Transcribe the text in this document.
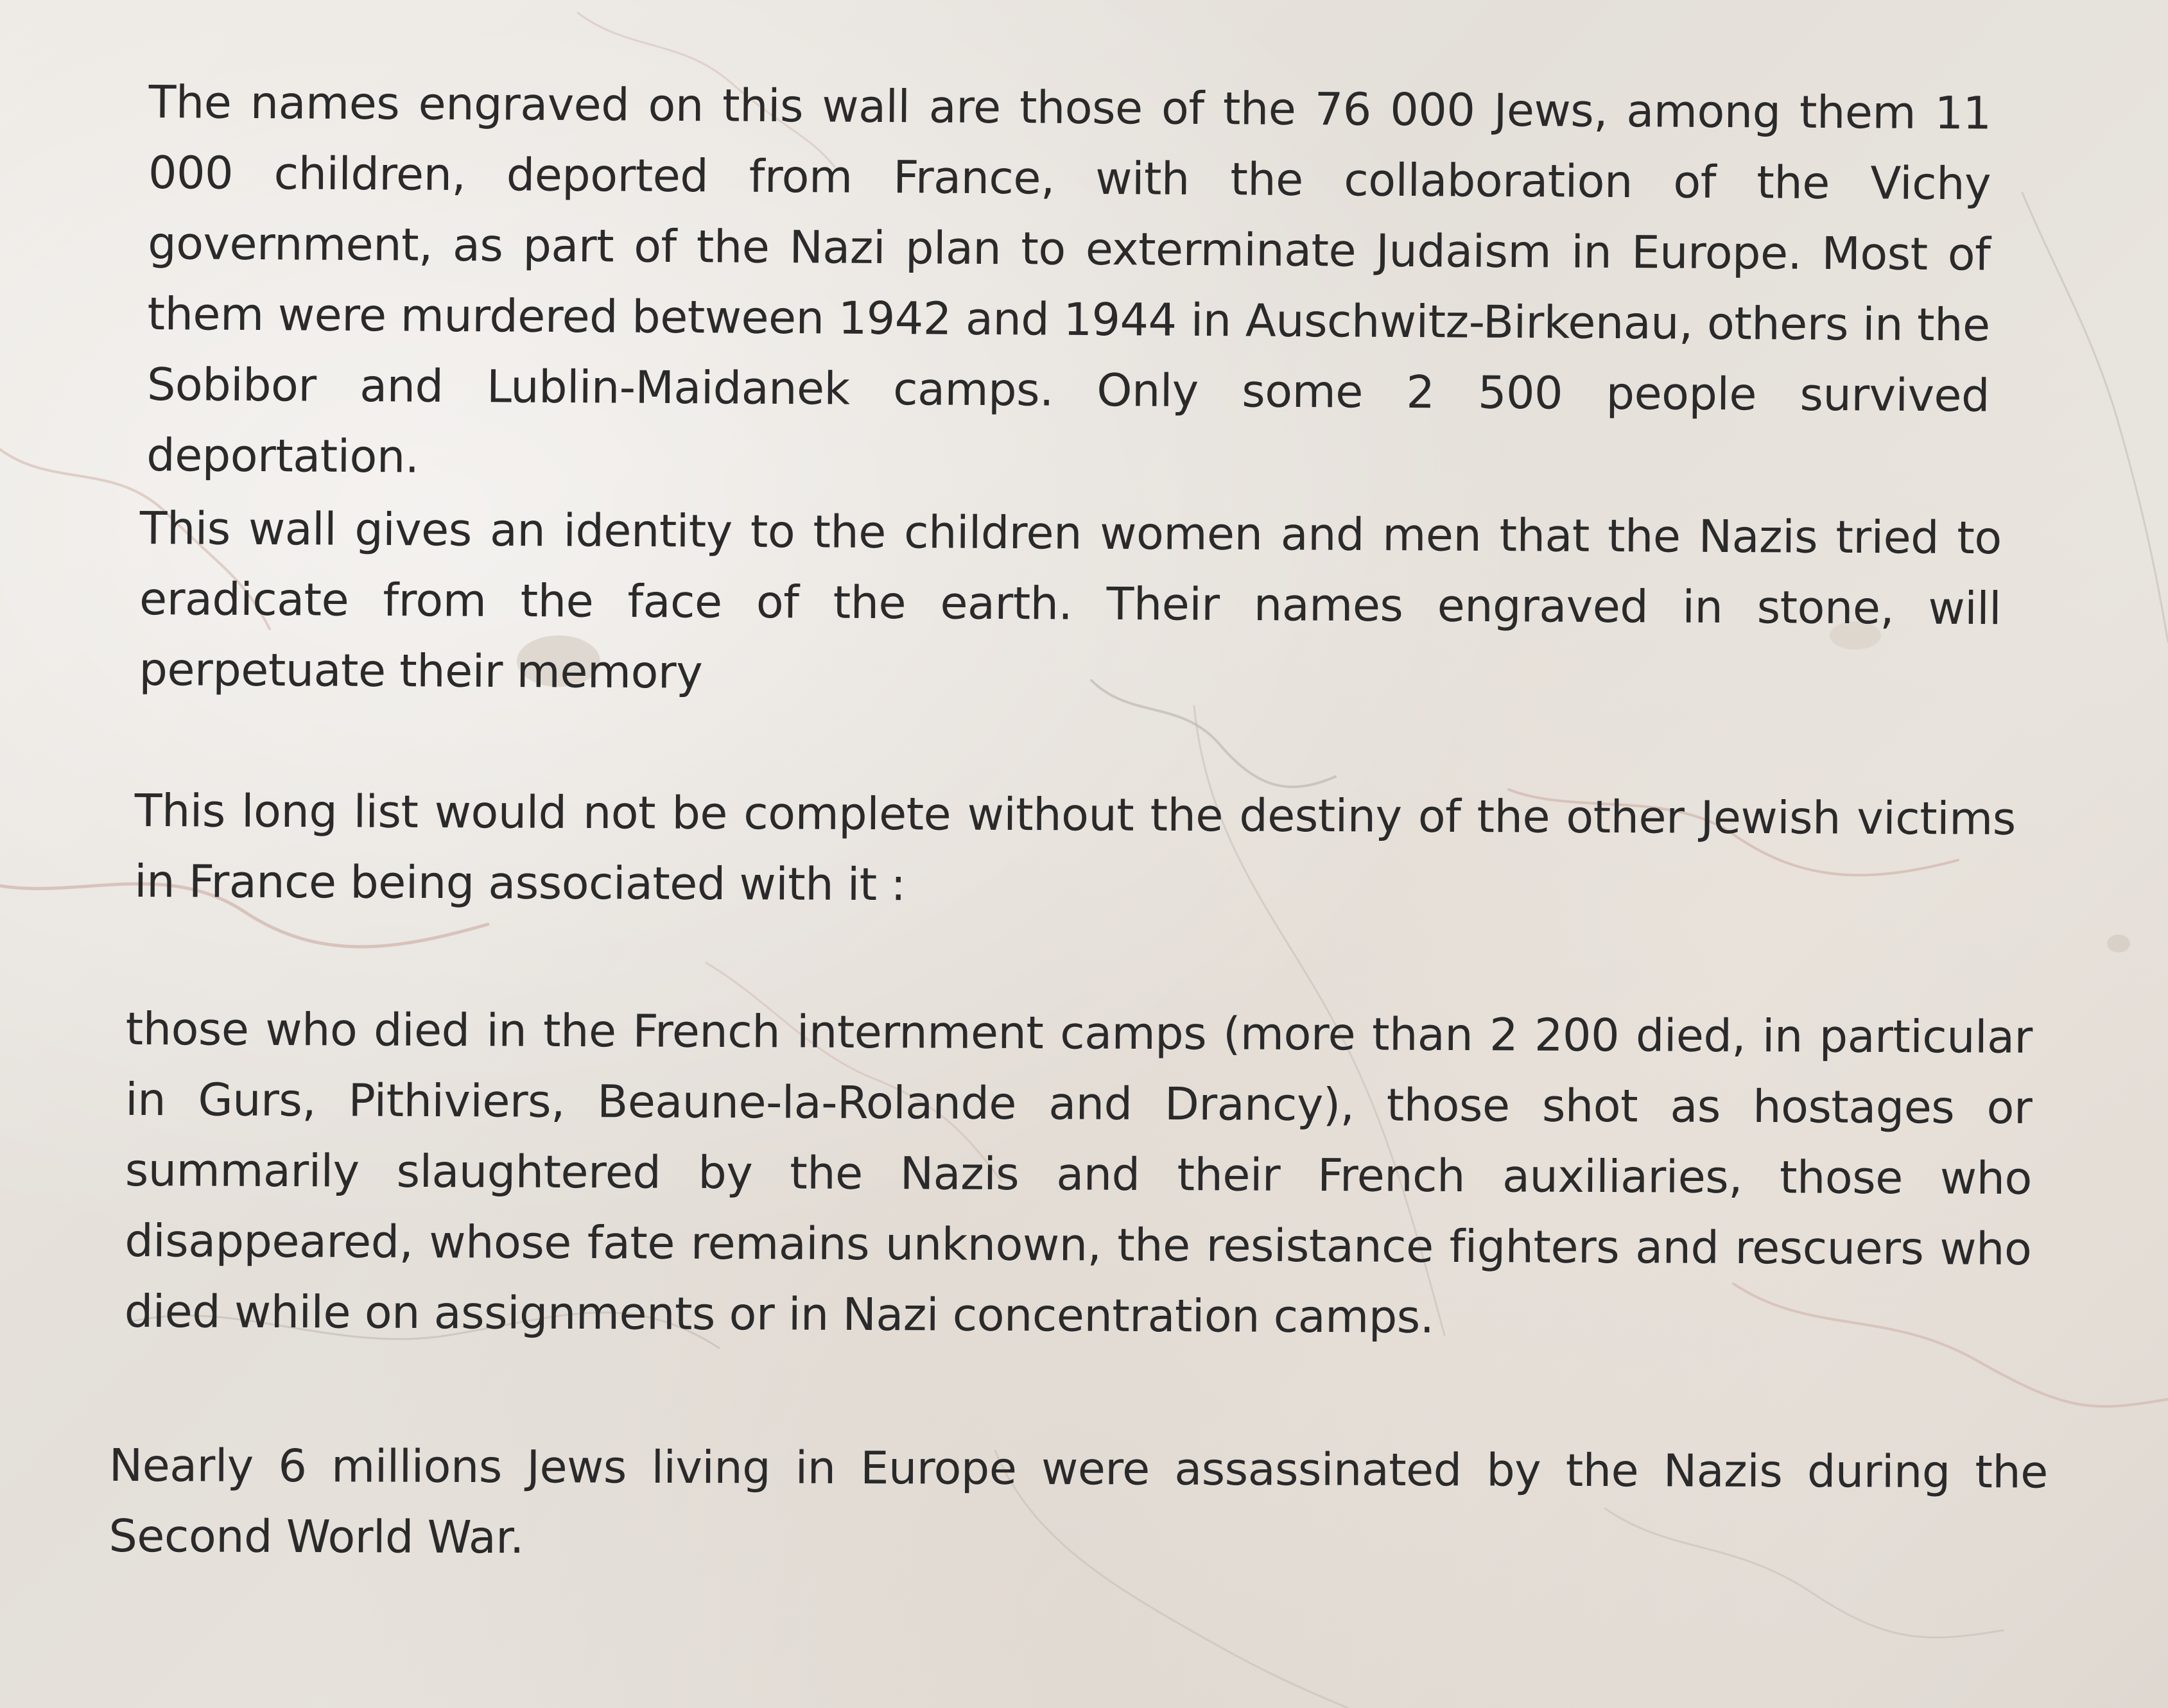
The names engraved on this wall are those of the 76 000 Jews, among them 11 000 children, deported from France, with the collaboration of the Vichy government, as part of the Nazi plan to exterminate Judaism in Europe. Most of them were murdered between 1942 and 1944 in Auschwitz-Birkenau, others in the Sobibor and Lublin-Maidanek camps. Only some 2 500 people survived deportation.

This wall gives an identity to the children women and men that the Nazis tried to eradicate from the face of the earth. Their names engraved in stone, will perpetuate their memory

This long list would not be complete without the destiny of the other Jewish victims in France being associated with it :

those who died in the French internment camps (more than 2 200 died, in particular in Gurs, Pithiviers, Beaune-la-Rolande and Drancy), those shot as hostages or summarily slaughtered by the Nazis and their French auxiliaries, those who disappeared, whose fate remains unknown, the resistance fighters and rescuers who died while on assignments or in Nazi concentration camps.

Nearly 6 millions Jews living in Europe were assassinated by the Nazis during the Second World War.
